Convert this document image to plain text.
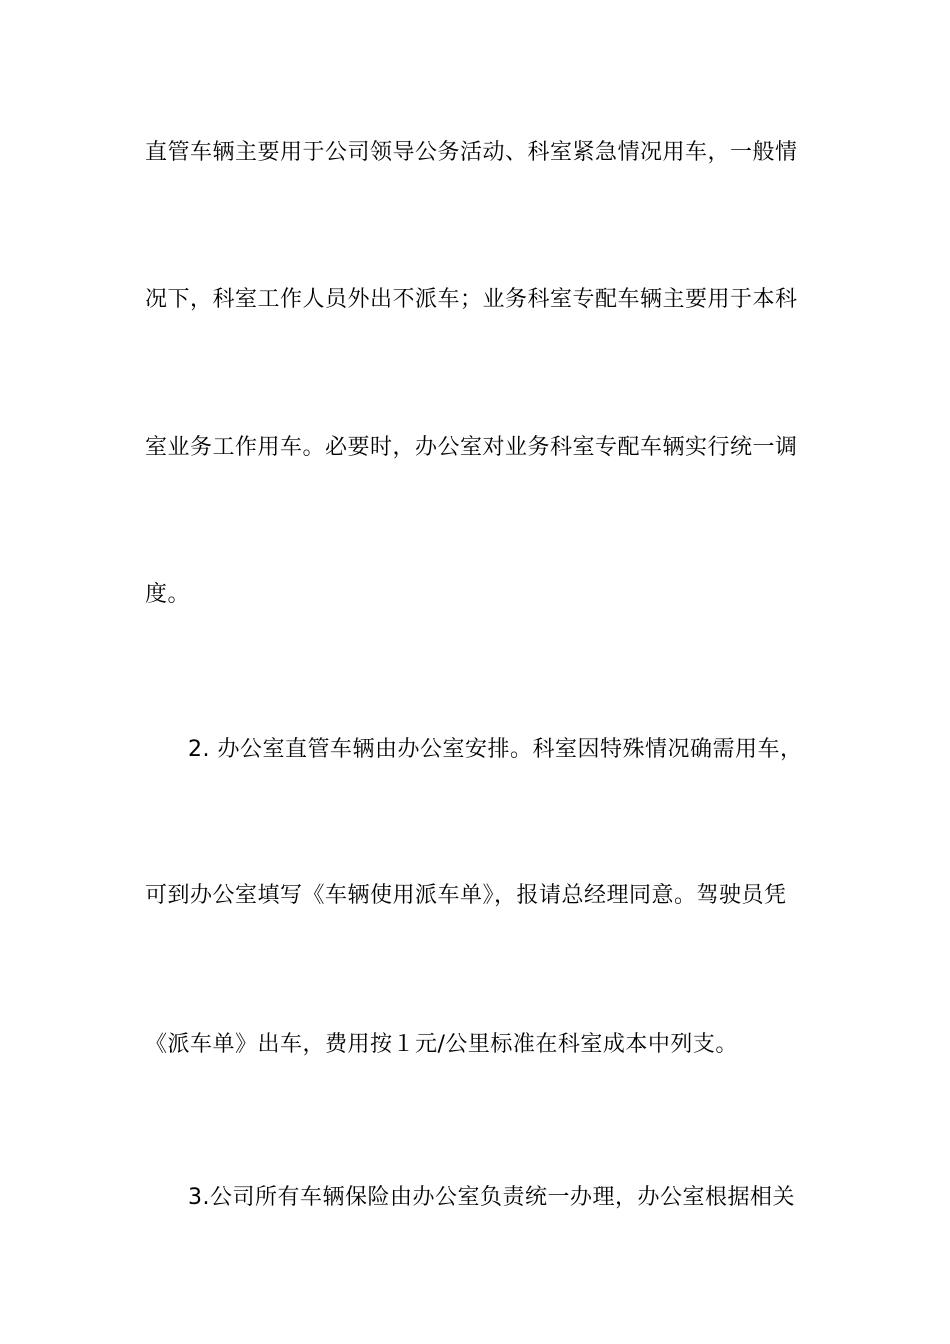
直管车辆主要用于公司领导公务活动、科室紧急情况用车，一般情
况下，科室工作人员外出不派车；业务科室专配车辆主要用于本科
室业务工作用车。必要时，办公室对业务科室专配车辆实行统一调
度。
2. 办公室直管车辆由办公室安排。科室因特殊情况确需用车，
可到办公室填写《车辆使用派车单》，报请总经理同意。驾驶员凭
《派车单》出车，费用按１元/公里标准在科室成本中列支。
3.公司所有车辆保险由办公室负责统一办理，办公室根据相关
